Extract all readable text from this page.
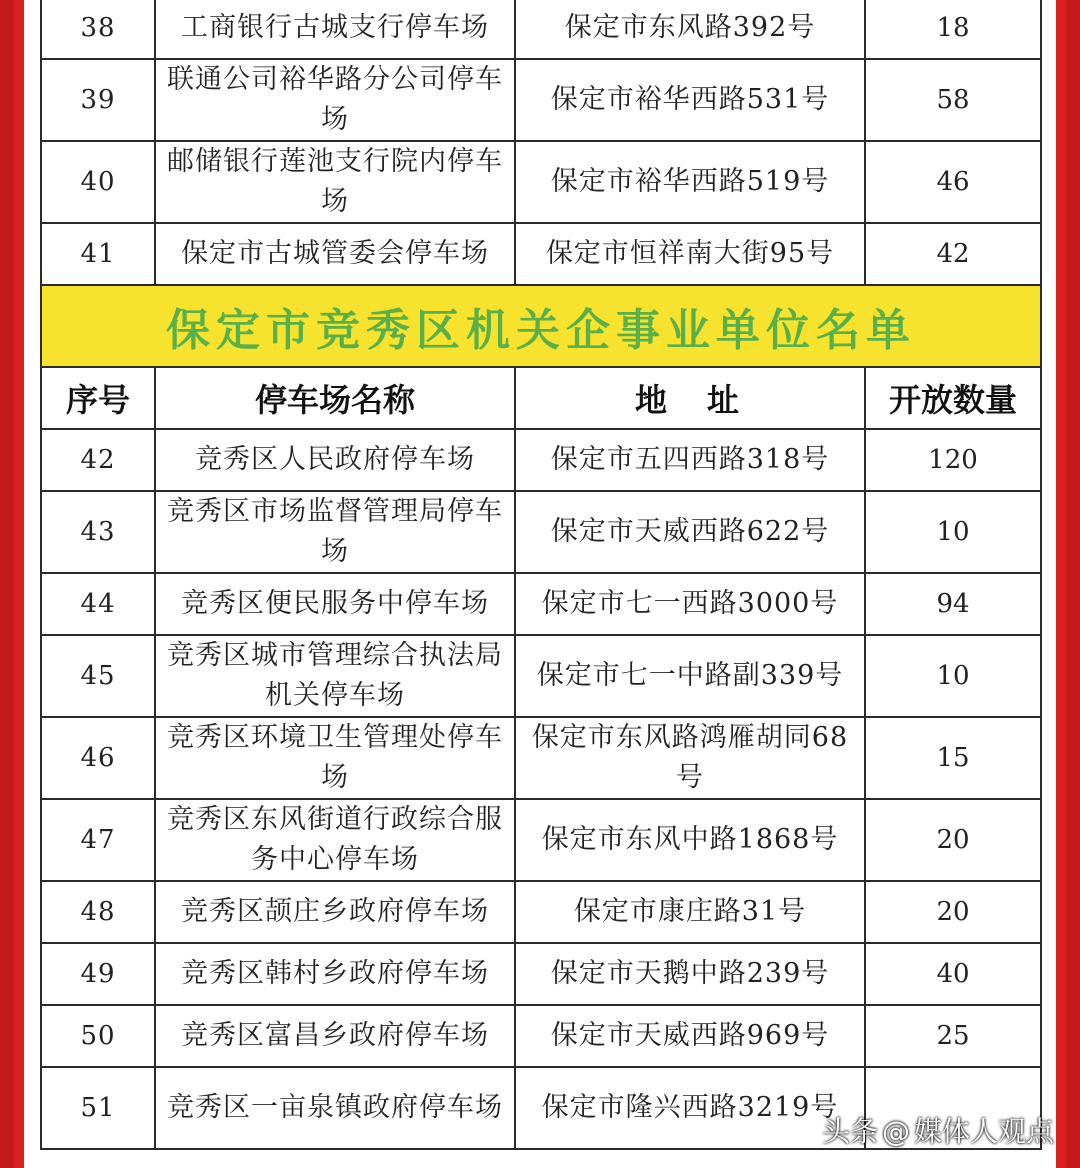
38	工商银行古城支行停车场	保定市东风路392号	18
39	联通公司裕华路分公司停车场	保定市裕华西路531号	58
40	邮储银行莲池支行院内停车场	保定市裕华西路519号	46
41	保定市古城管委会停车场	保定市恒祥南大街95号	42
保定市竞秀区机关企事业单位名单			
序号	停车场名称	地址	开放数量
42	竞秀区人民政府停车场	保定市五四西路318号	120
43	竞秀区市场监督管理局停车场	保定市天威西路622号	10
44	竞秀区便民服务中停车场	保定市七一西路3000号	94
45	竞秀区城市管理综合执法局机关停车场	保定市七一中路副339号	10
46	竞秀区环境卫生管理处停车场	保定市东风路鸿雁胡同68号	15
47	竞秀区东风街道行政综合服务中心停车场	保定市东风中路1868号	20
48	竞秀区颉庄乡政府停车场	保定市康庄路31号	20
49	竞秀区韩村乡政府停车场	保定市天鹅中路239号	40
50	竞秀区富昌乡政府停车场	保定市天威西路969号	25
51	竞秀区一亩泉镇政府停车场	保定市隆兴西路3219号	
头条 @ 媒体人观点
